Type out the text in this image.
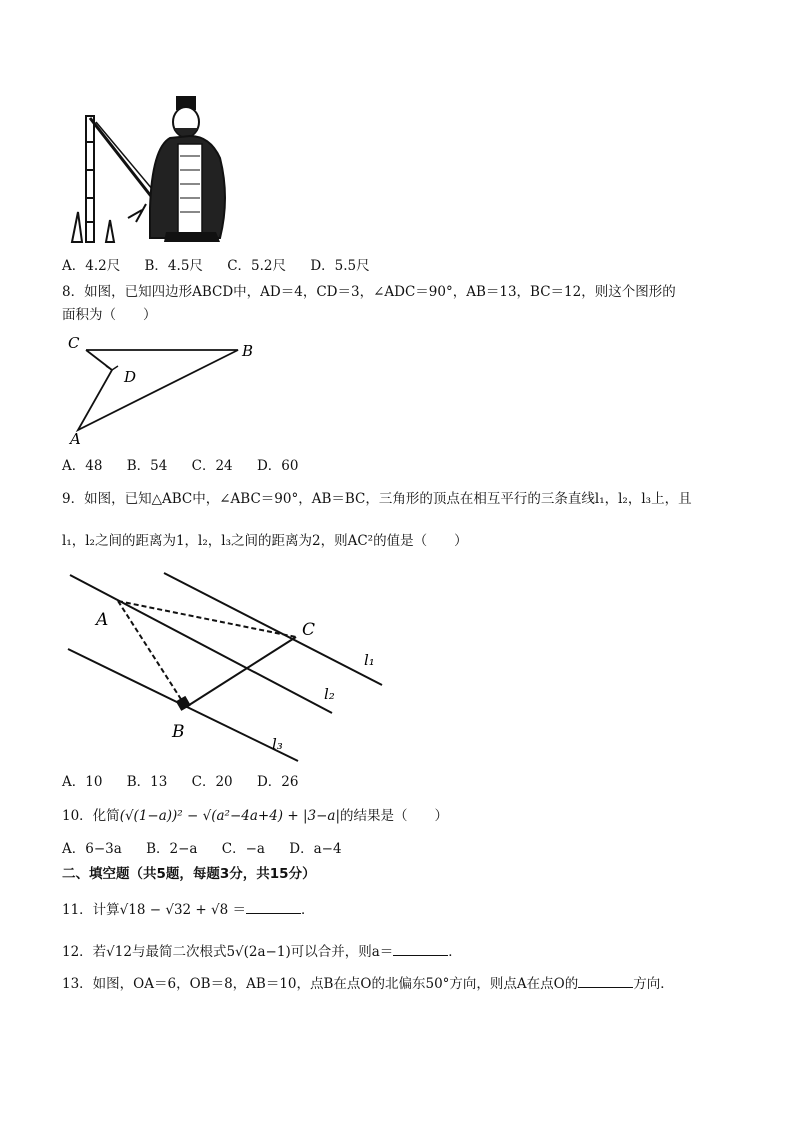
A．4.2尺 B．4.5尺 C．5.2尺 D．5.5尺
8．如图，已知四边形ABCD中，AD＝4，CD＝3，∠ADC＝90°，AB＝13，BC＝12，则这个图形的
面积为（　　）
C	B
D
A
A．48 B．54 C．24 D．60
9．如图，已知△ABC中，∠ABC＝90°，AB＝BC，三角形的顶点在相互平行的三条直线l₁，l₂，l₃上，且
l₁，l₂之间的距离为1，l₂，l₃之间的距离为2，则AC²的值是（　　）
A	C
B
l₁
l₂
l₃
A．10 B．13 C．20 D．26
10．化简(√(1−a))² − √(a²−4a+4) + |3−a|的结果是（　　）
A．6−3a B．2−a C．−a D．a−4
二、填空题（共5题，每题3分，共15分）
11．计算√18 − √32 + √8 ＝	．
12．若√12与最简二次根式5√(2a−1)可以合并，则a＝	．
13．如图，OA＝6，OB＝8，AB＝10，点B在点O的北偏东50°方向，则点A在点O的	方向．
